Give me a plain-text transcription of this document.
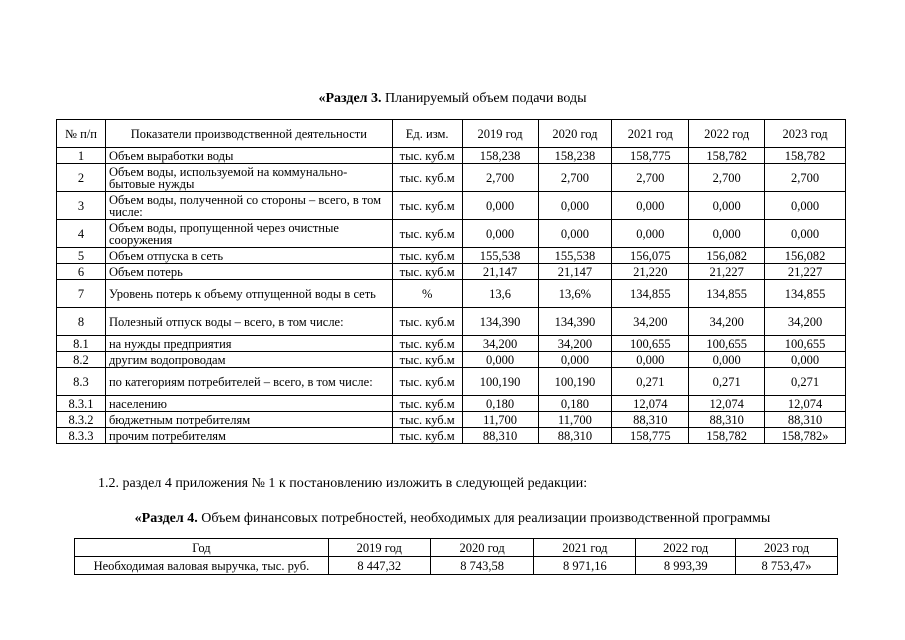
«Раздел 3. Планируемый объем подачи воды
№ п/п	Показатели производственной деятельности	Ед. изм.	2019 год	2020 год	2021 год	2022 год	2023 год
1	Объем выработки воды	тыс. куб.м	158,238	158,238	158,775	158,782	158,782
2	Объем воды, используемой на коммунально-бытовые нужды	тыс. куб.м	2,700	2,700	2,700	2,700	2,700
3	Объем воды, полученной со стороны – всего, в том числе:	тыс. куб.м	0,000	0,000	0,000	0,000	0,000
4	Объем воды, пропущенной через очистные сооружения	тыс. куб.м	0,000	0,000	0,000	0,000	0,000
5	Объем отпуска в сеть	тыс. куб.м	155,538	155,538	156,075	156,082	156,082
6	Объем потерь	тыс. куб.м	21,147	21,147	21,220	21,227	21,227
7	Уровень потерь к объему отпущенной воды в сеть	%	13,6	13,6%	134,855	134,855	134,855
8	Полезный отпуск воды – всего, в том числе:	тыс. куб.м	134,390	134,390	34,200	34,200	34,200
8.1	на нужды предприятия	тыс. куб.м	34,200	34,200	100,655	100,655	100,655
8.2	другим водопроводам	тыс. куб.м	0,000	0,000	0,000	0,000	0,000
8.3	по категориям потребителей – всего, в том числе:	тыс. куб.м	100,190	100,190	0,271	0,271	0,271
8.3.1	населению	тыс. куб.м	0,180	0,180	12,074	12,074	12,074
8.3.2	бюджетным потребителям	тыс. куб.м	11,700	11,700	88,310	88,310	88,310
8.3.3	прочим потребителям	тыс. куб.м	88,310	88,310	158,775	158,782	158,782»
1.2. раздел 4 приложения № 1 к постановлению изложить в следующей редакции:
«Раздел 4. Объем финансовых потребностей, необходимых для реализации производственной программы
Год	2019 год	2020 год	2021 год	2022 год	2023 год
Необходимая валовая выручка, тыс. руб.	8 447,32	8 743,58	8 971,16	8 993,39	8 753,47»
